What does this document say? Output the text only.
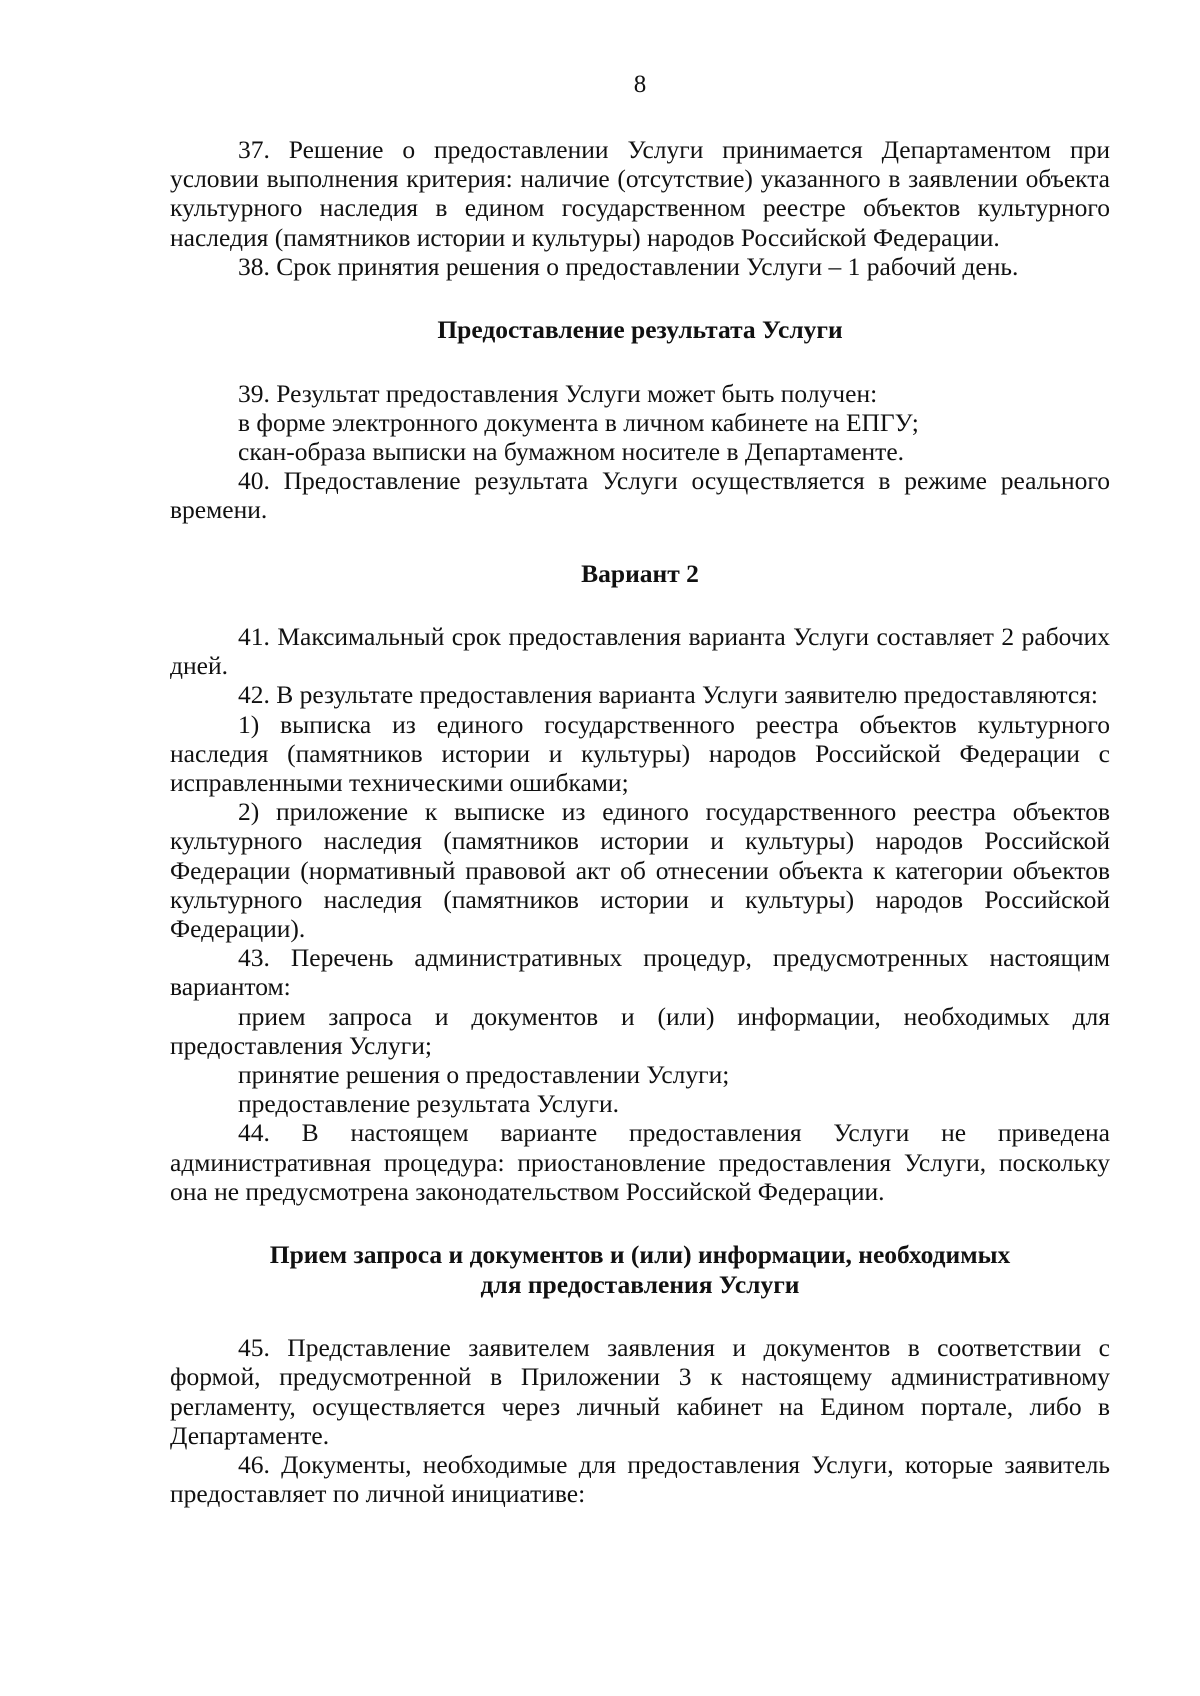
8

37. Решение о предоставлении Услуги принимается Департаментом при условии выполнения критерия: наличие (отсутствие) указанного в заявлении объекта культурного наследия в едином государственном реестре объектов культурного наследия (памятников истории и культуры) народов Российской Федерации.

38. Срок принятия решения о предоставлении Услуги – 1 рабочий день.

Предоставление результата Услуги

39. Результат предоставления Услуги может быть получен:

в форме электронного документа в личном кабинете на ЕПГУ;

скан-образа выписки на бумажном носителе в Департаменте.

40. Предоставление результата Услуги осуществляется в режиме реального времени.

Вариант 2

41. Максимальный срок предоставления варианта Услуги составляет 2 рабочих дней.

42. В результате предоставления варианта Услуги заявителю предоставляются:

1) выписка из единого государственного реестра объектов культурного наследия (памятников истории и культуры) народов Российской Федерации с исправленными техническими ошибками;

2) приложение к выписке из единого государственного реестра объектов культурного наследия (памятников истории и культуры) народов Российской Федерации (нормативный правовой акт об отнесении объекта к категории объектов культурного наследия (памятников истории и культуры) народов Российской Федерации).

43. Перечень административных процедур, предусмотренных настоящим вариантом:

прием запроса и документов и (или) информации, необходимых для предоставления Услуги;

принятие решения о предоставлении Услуги;

предоставление результата Услуги.

44. В настоящем варианте предоставления Услуги не приведена административная процедура: приостановление предоставления Услуги, поскольку она не предусмотрена законодательством Российской Федерации.

Прием запроса и документов и (или) информации, необходимых
для предоставления Услуги

45. Представление заявителем заявления и документов в соответствии с формой, предусмотренной в Приложении 3 к настоящему административному регламенту, осуществляется через личный кабинет на Едином портале, либо в Департаменте.

46. Документы, необходимые для предоставления Услуги, которые заявитель предоставляет по личной инициативе:
